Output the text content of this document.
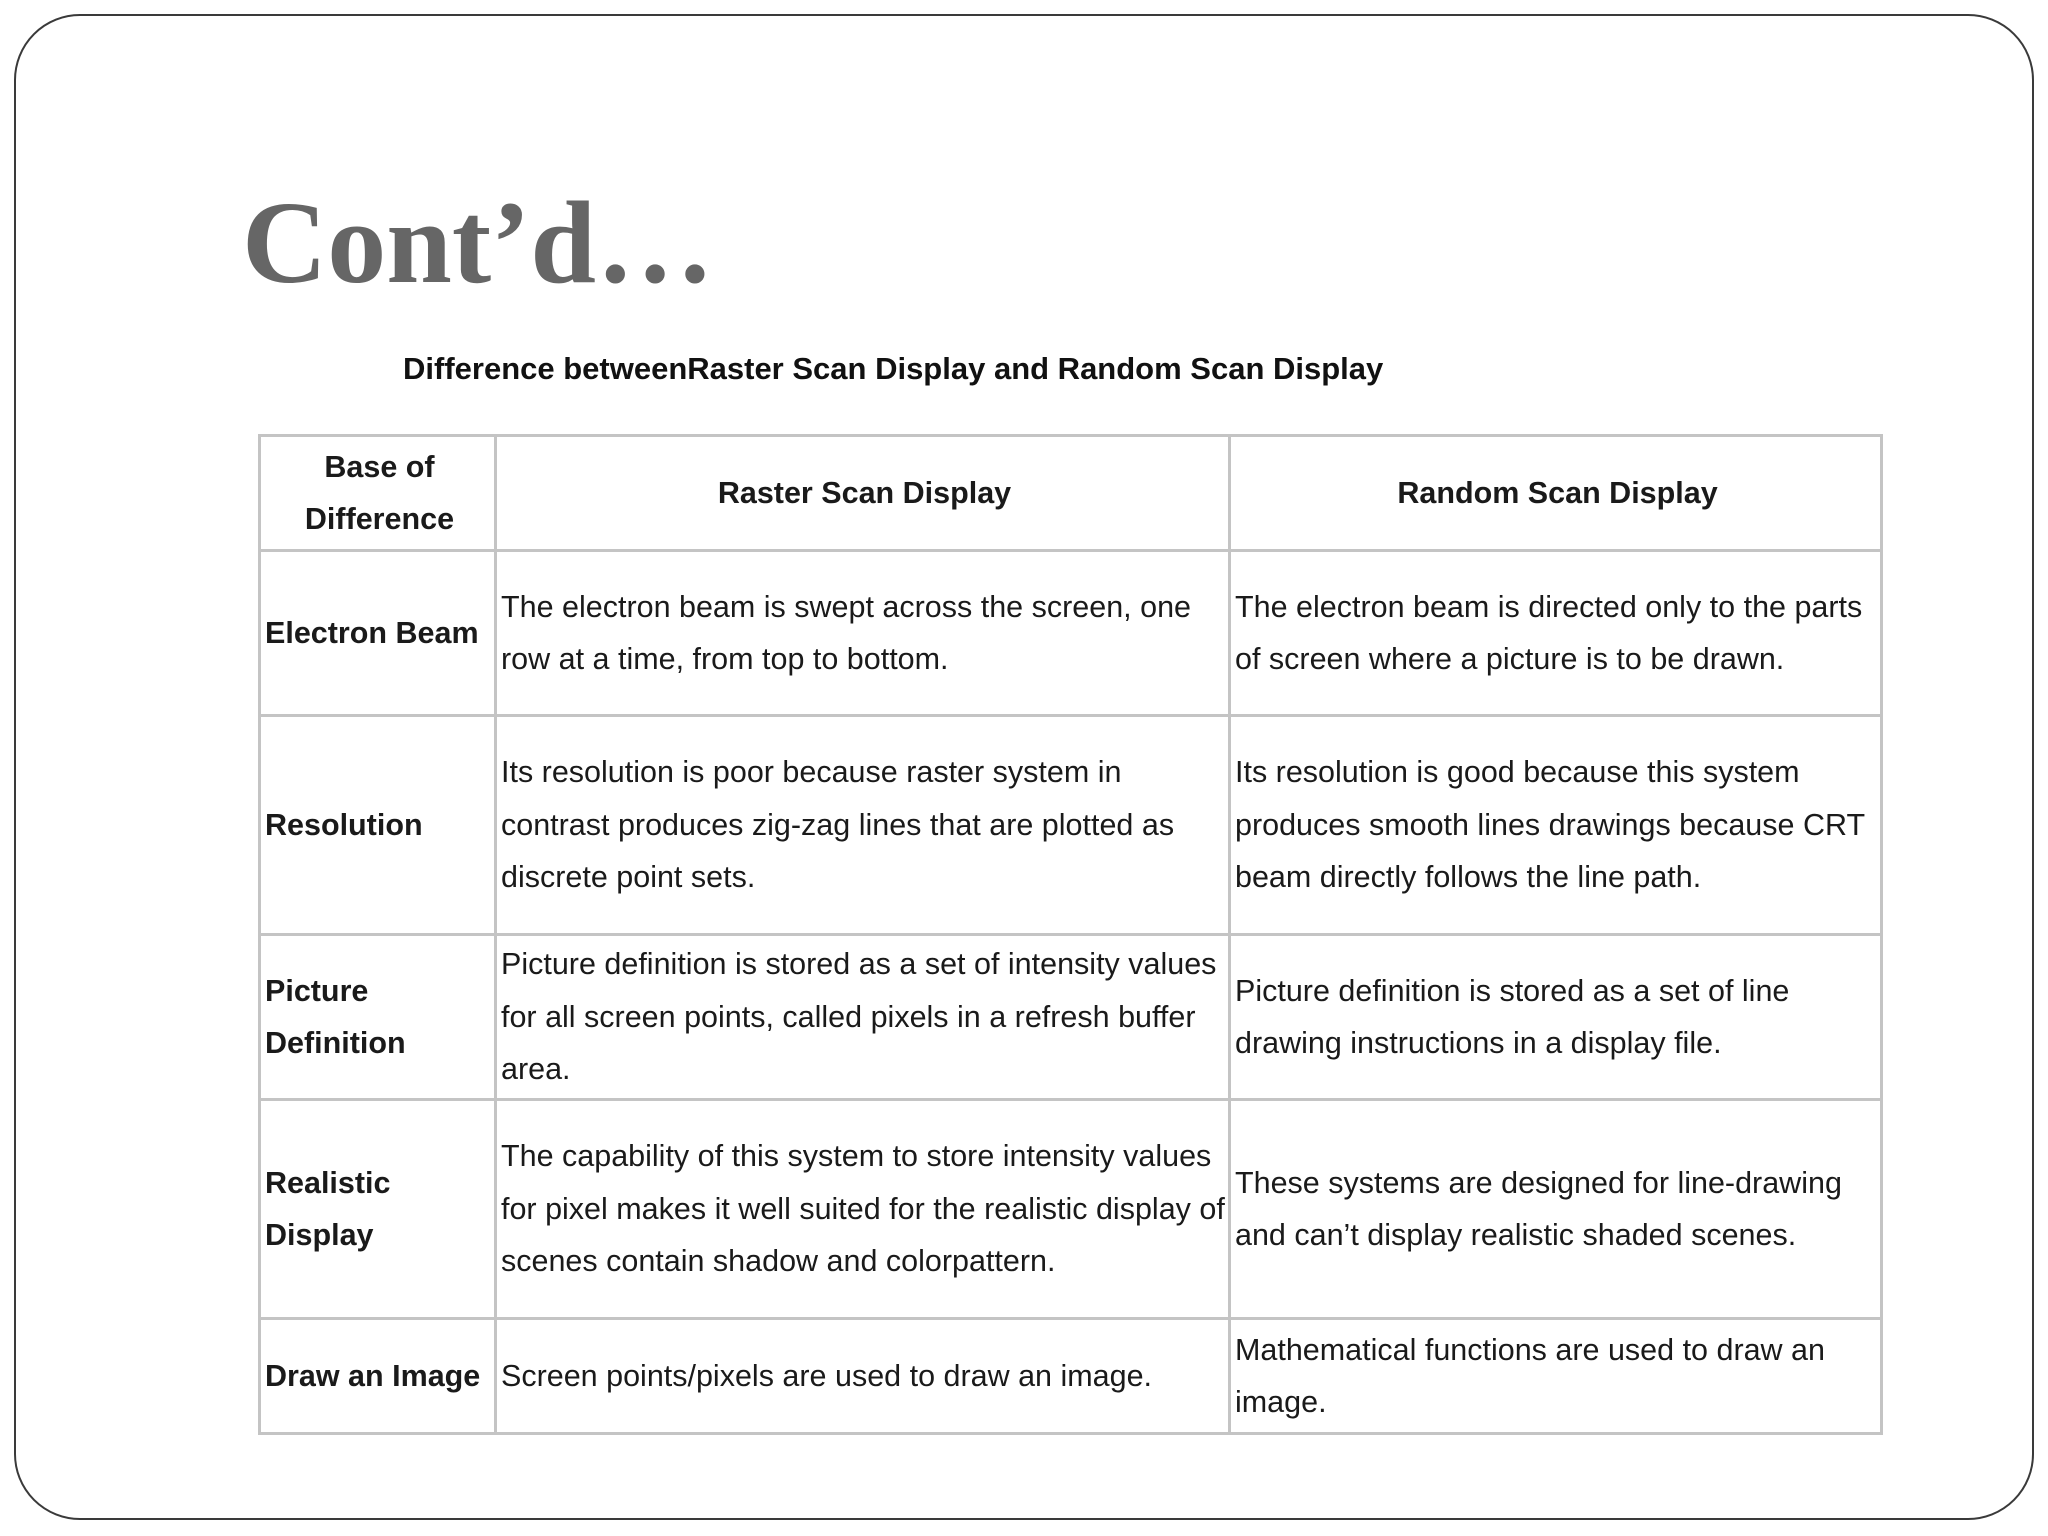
Cont’d…

Difference betweenRaster Scan Display and Random Scan Display

Base of Difference	Raster Scan Display	Random Scan Display
Electron Beam	The electron beam is swept across the screen, one row at a time, from top to bottom.	The electron beam is directed only to the parts of screen where a picture is to be drawn.
Resolution	Its resolution is poor because raster system in contrast produces zig-zag lines that are plotted as discrete point sets.	Its resolution is good because this system produces smooth lines drawings because CRT beam directly follows the line path.
Picture Definition	Picture definition is stored as a set of intensity values for all screen points, called pixels in a refresh buffer area.	Picture definition is stored as a set of line drawing instructions in a display file.
Realistic Display	The capability of this system to store intensity values for pixel makes it well suited for the realistic display of scenes contain shadow and colorpattern.	These systems are designed for line-drawing and can’t display realistic shaded scenes.
Draw an Image	Screen points/pixels are used to draw an image.	Mathematical functions are used to draw an image.
